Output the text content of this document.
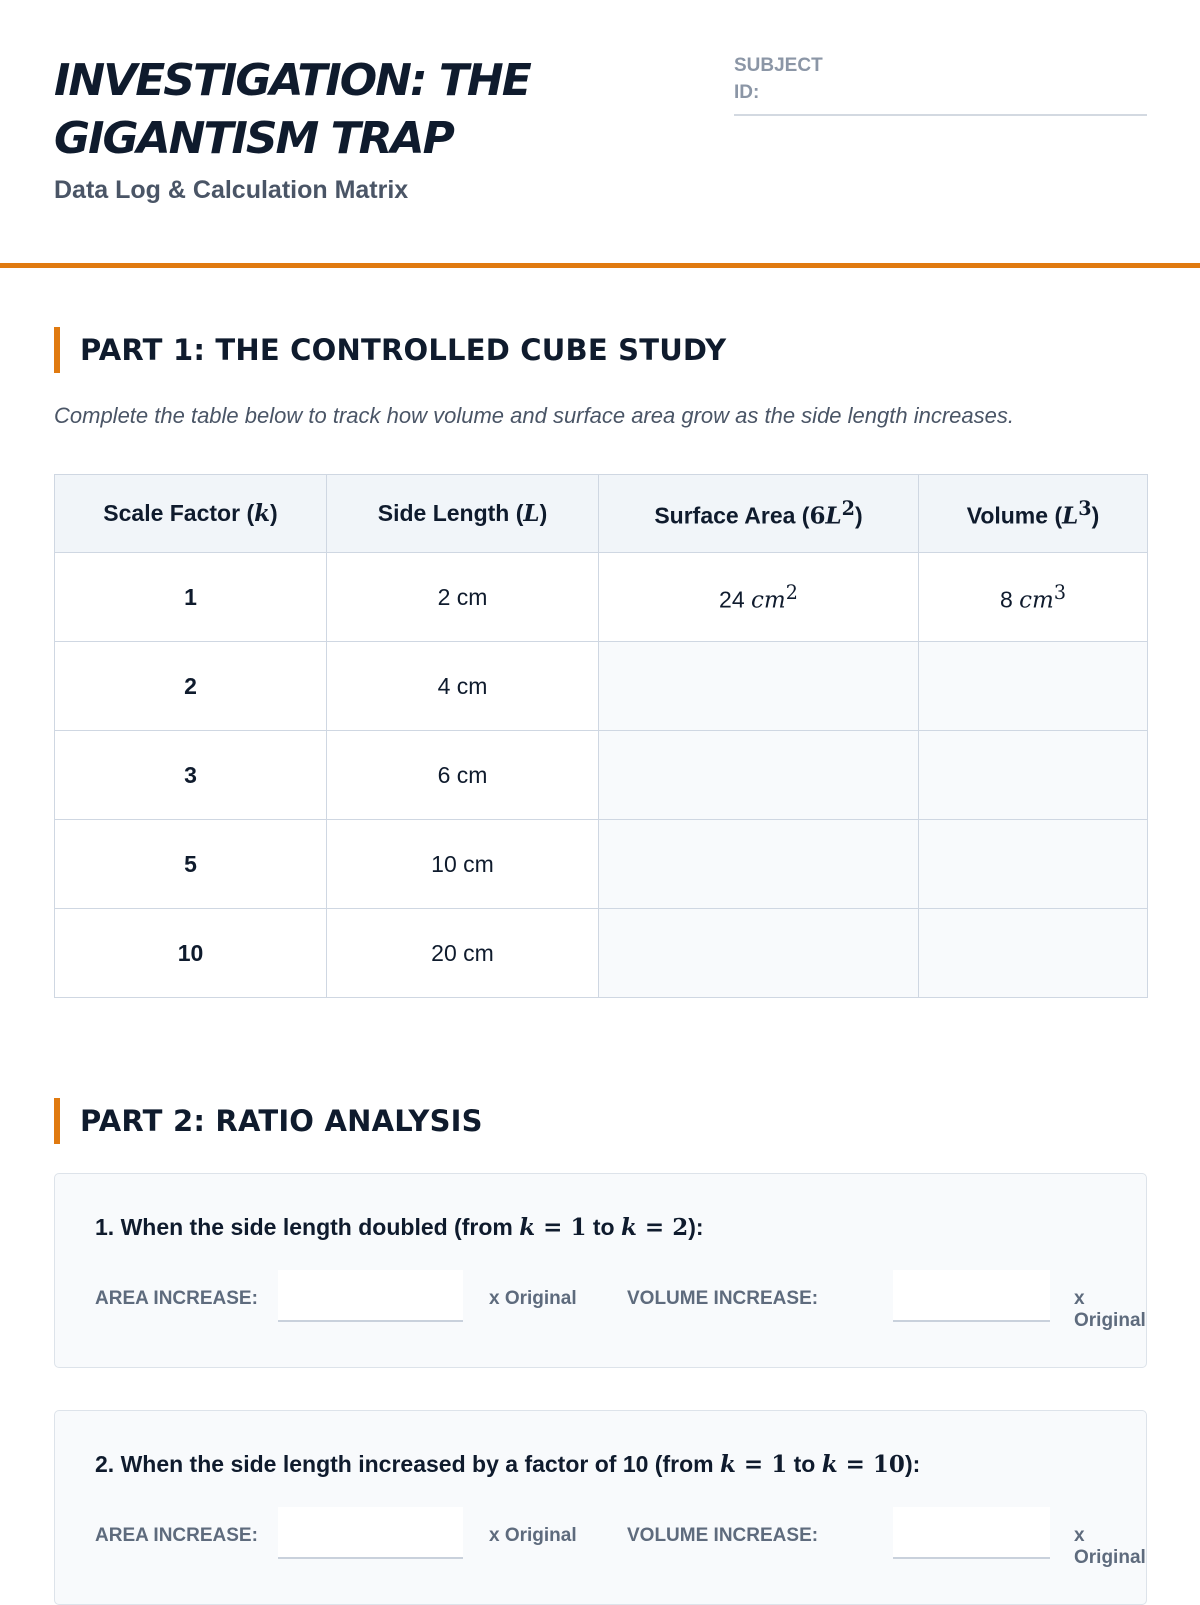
INVESTIGATION: THE
GIGANTISM TRAP
Data Log & Calculation Matrix
SUBJECT
ID:
PART 1: THE CONTROLLED CUBE STUDY
Complete the table below to track how volume and surface area grow as the side length increases.
Scale Factor (k)	Side Length (L)	Surface Area $(6L^2)$	Volume $(L^3)$
1	2 cm	24 $cm^2$	8 $cm^3$
2	4 cm		
3	6 cm		
5	10 cm		
10	20 cm		
PART 2: RATIO ANALYSIS
1. When the side length doubled (from k = 1 to k = 2):
AREA INCREASE:	x Original	VOLUME INCREASE:	x Original
2. When the side length increased by a factor of 10 (from k = 1 to k = 10):
AREA INCREASE:	x Original	VOLUME INCREASE:	x Original
